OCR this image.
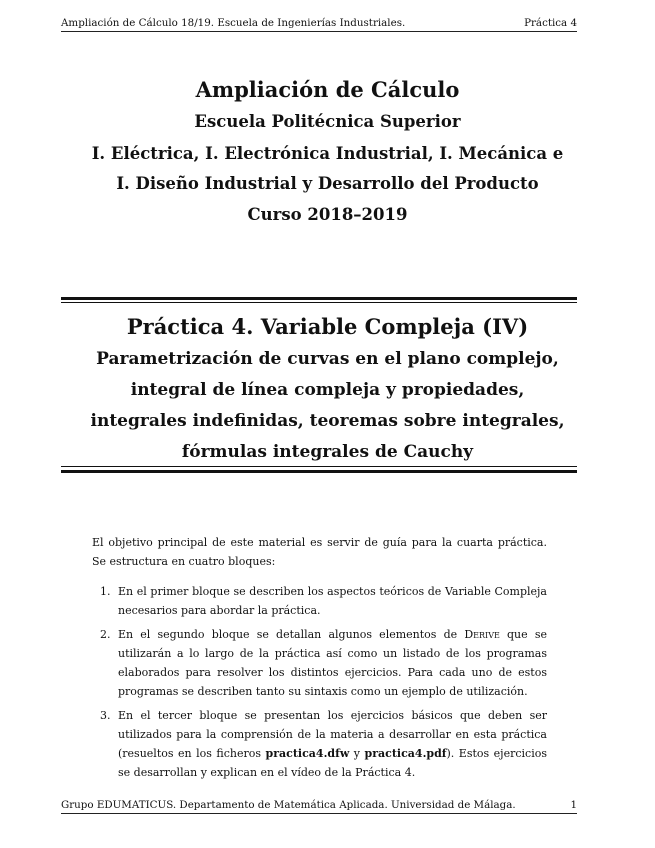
Ampliación de Cálculo 18/19. Escuela de Ingenierías Industriales.	Práctica 4
Ampliación de Cálculo
Escuela Politécnica Superior
I. Eléctrica, I. Electrónica Industrial, I. Mecánica e
I. Diseño Industrial y Desarrollo del Producto
Curso 2018–2019
Práctica 4. Variable Compleja (IV)
Parametrización de curvas en el plano complejo,
integral de línea compleja y propiedades,
integrales indefinidas, teoremas sobre integrales,
fórmulas integrales de Cauchy

El objetivo principal de este material es servir de guía para la cuarta práctica. Se estructura en cuatro bloques:

1. En el primer bloque se describen los aspectos teóricos de Variable Compleja necesarios para abordar la práctica.
2. En el segundo bloque se detallan algunos elementos de Derive que se utilizarán a lo largo de la práctica así como un listado de los programas elaborados para resolver los distintos ejercicios. Para cada uno de estos programas se describen tanto su sintaxis como un ejemplo de utilización.
3. En el tercer bloque se presentan los ejercicios básicos que deben ser utilizados para la comprensión de la materia a desarrollar en esta práctica (resueltos en los ficheros practica4.dfw y practica4.pdf). Estos ejercicios se desarrollan y explican en el vídeo de la Práctica 4.
Grupo EDUMATICUS. Departamento de Matemática Aplicada. Universidad de Málaga.	1
